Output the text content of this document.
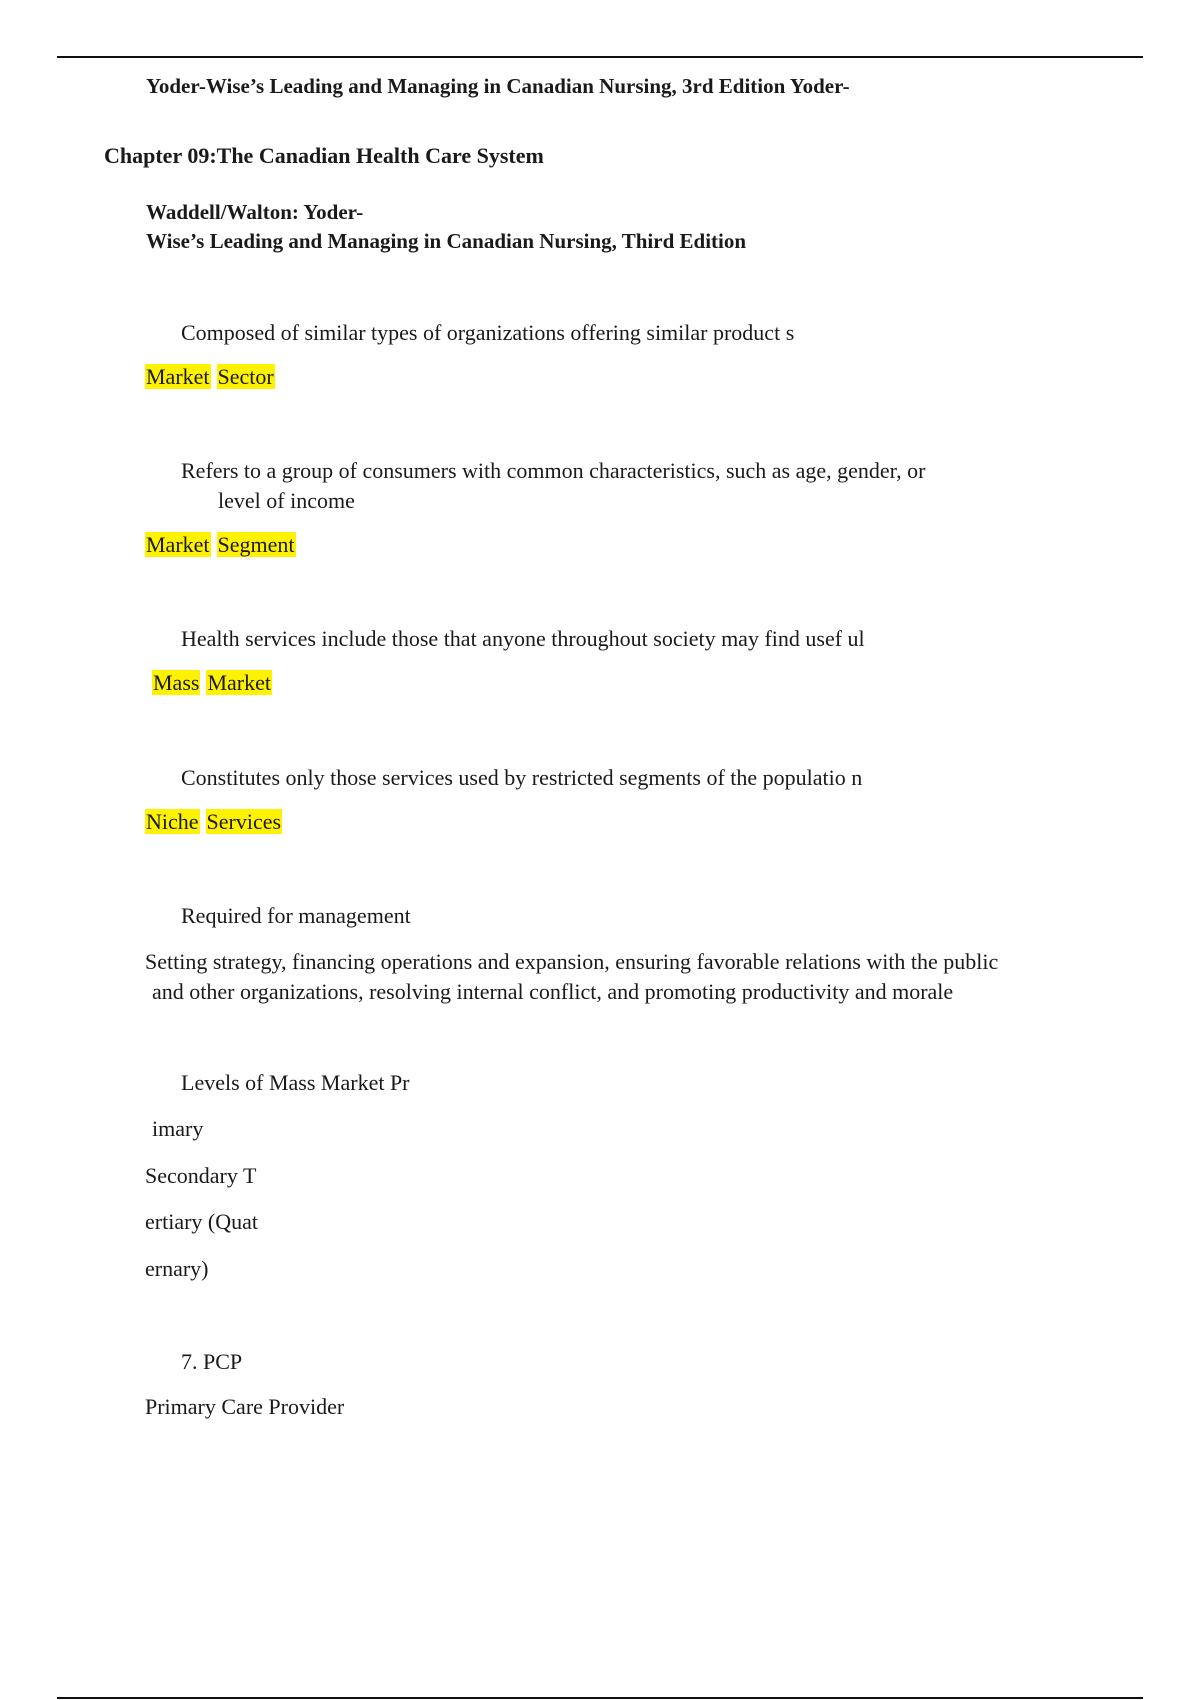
Yoder-Wise’s Leading and Managing in Canadian Nursing, 3rd Edition Yoder-
Chapter 09:The Canadian Health Care System
Waddell/Walton: Yoder-
Wise’s Leading and Managing in Canadian Nursing, Third Edition
Composed of similar types of organizations offering similar product s
Market Sector
Refers to a group of consumers with common characteristics, such as age, gender, or
level of income
Market Segment
Health services include those that anyone throughout society may find usef ul
Mass Market
Constitutes only those services used by restricted segments of the populatio n
Niche Services
Required for management
Setting strategy, financing operations and expansion, ensuring favorable relations with the public
and other organizations, resolving internal conflict, and promoting productivity and morale
Levels of Mass Market Pr
imary
Secondary T
ertiary (Quat
ernary)
7. PCP
Primary Care Provider
